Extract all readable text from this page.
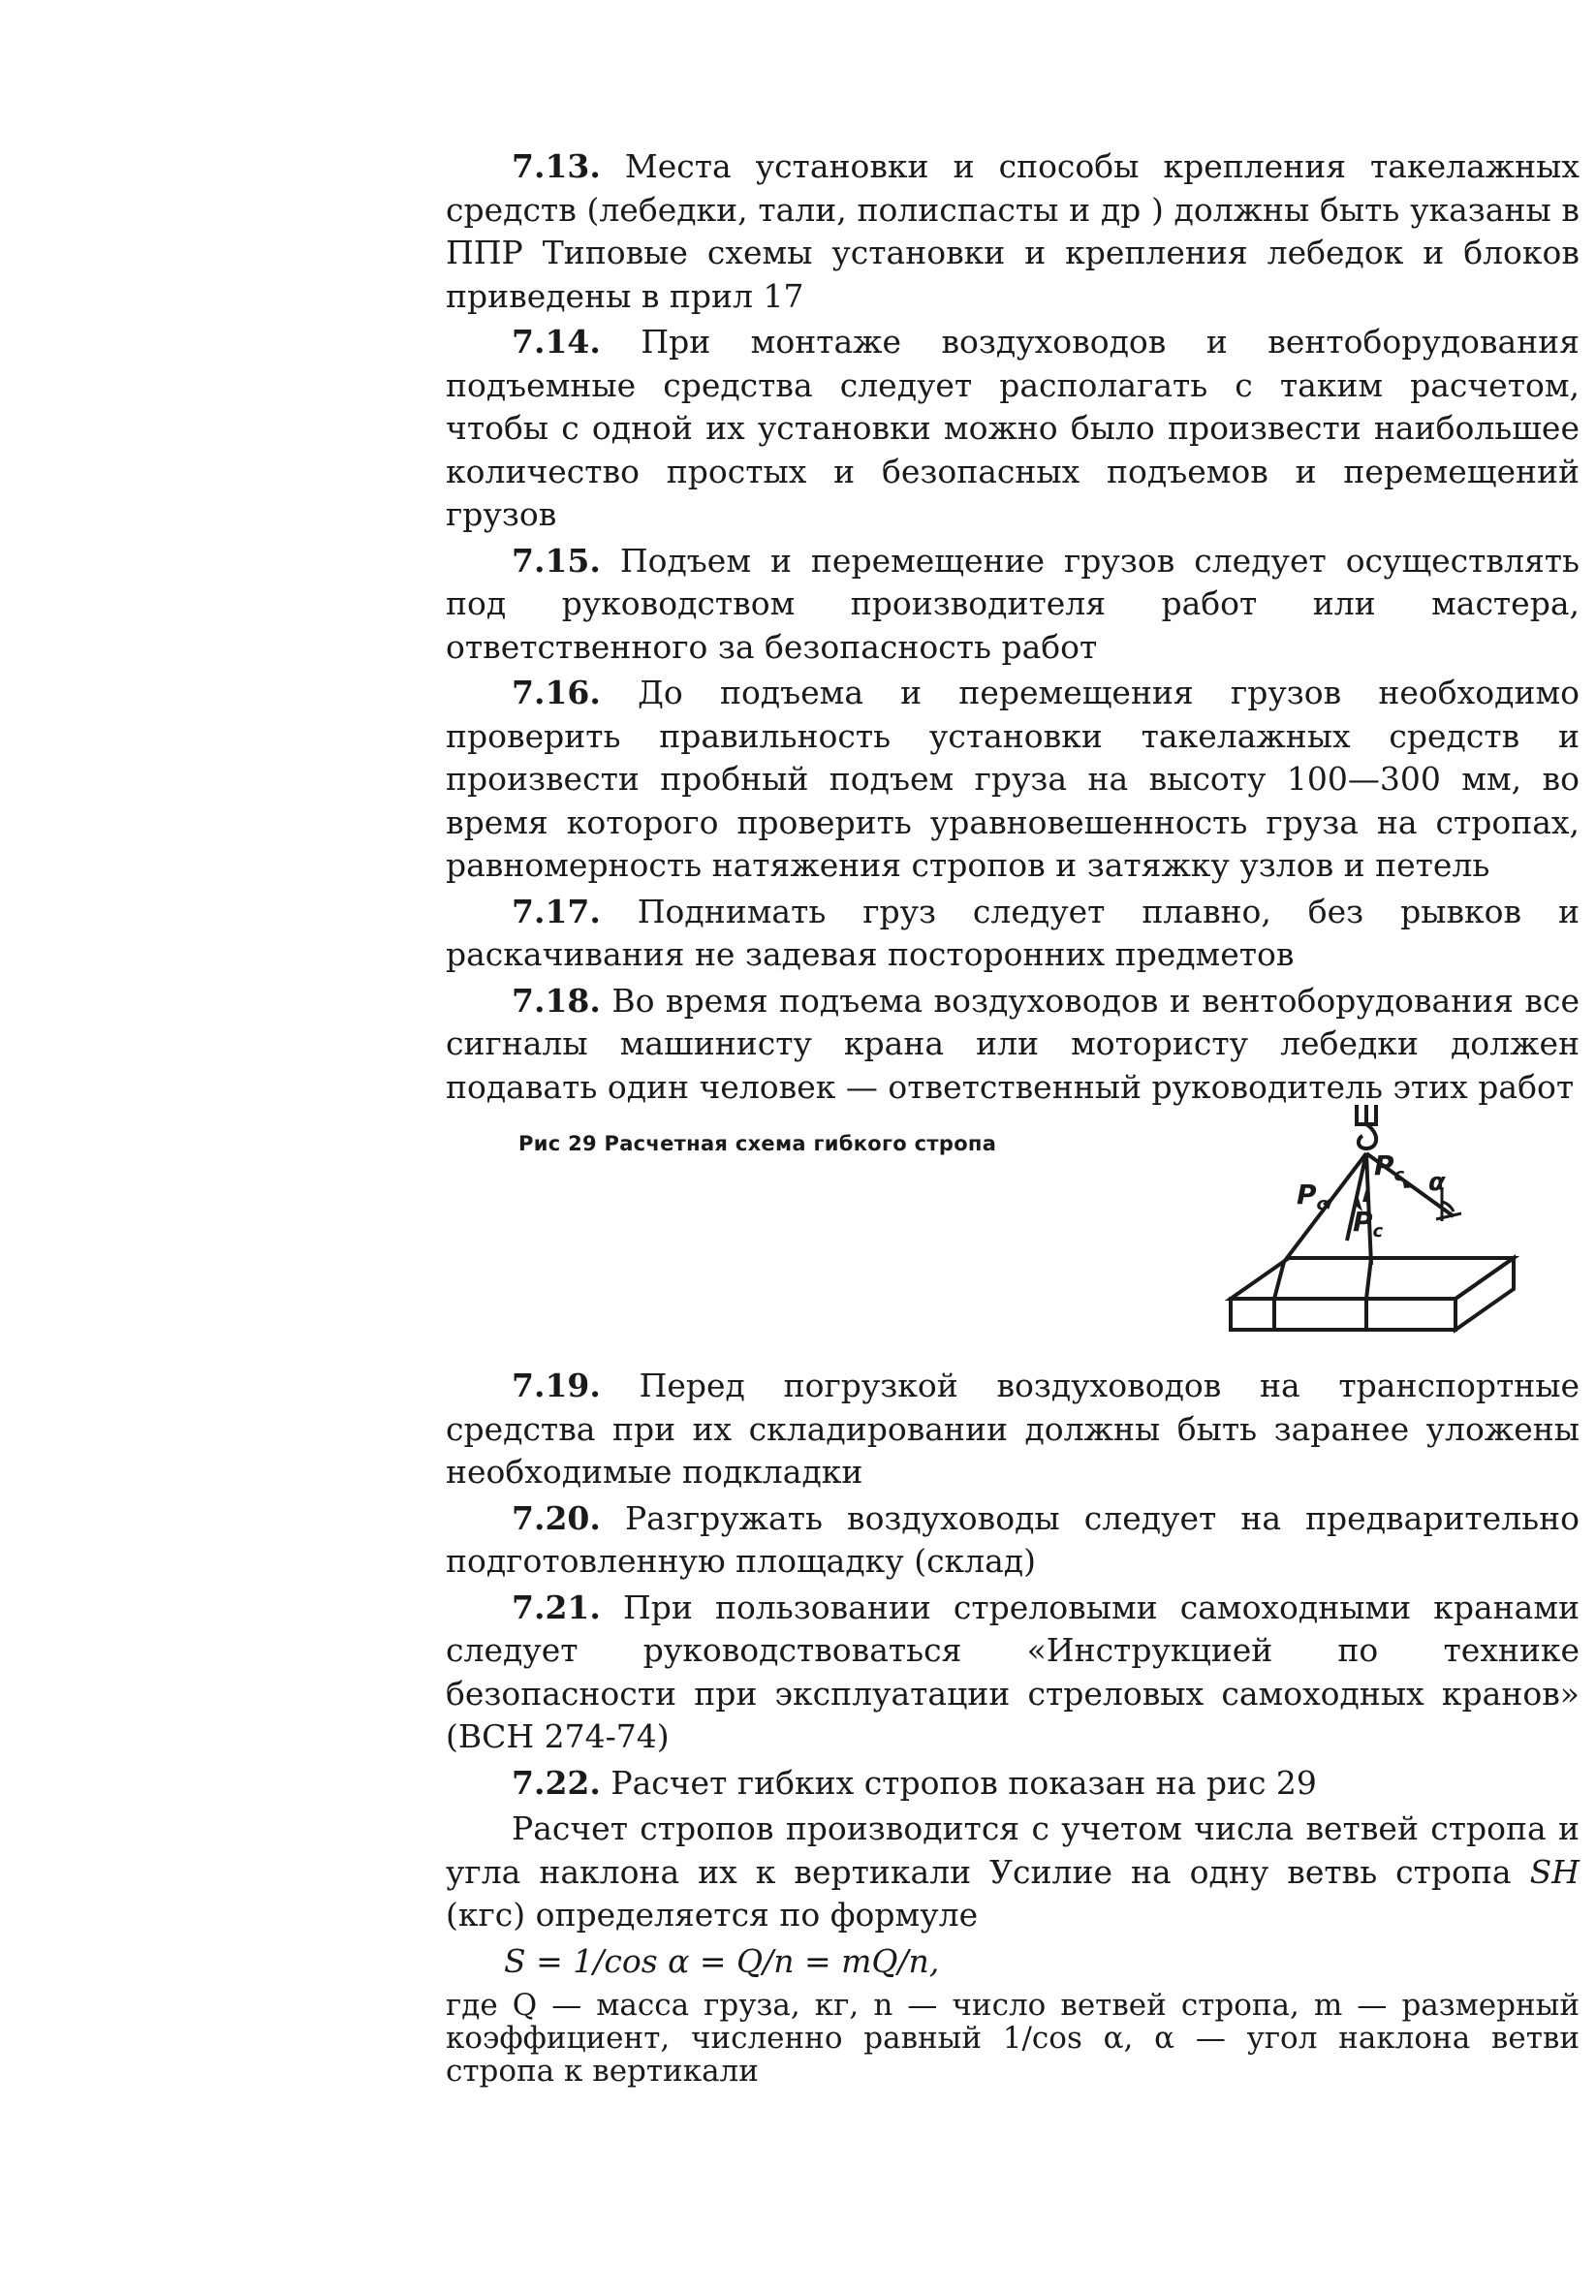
7.13. Места установки и способы крепления такелажных средств (лебедки, тали, полиспасты и др ) должны быть указаны в ППР Типовые схемы установки и крепления лебедок и блоков приведены в прил 17

7.14. При монтаже воздуховодов и вентоборудования подъемные средства следует располагать с таким расчетом, чтобы с одной их установки можно было произвести наибольшее количество простых и безопасных подъемов и перемещений грузов

7.15. Подъем и перемещение грузов следует осуществлять под руководством производителя работ или мастера, ответственного за безопасность работ

7.16. До подъема и перемещения грузов необходимо проверить правильность установки такелажных средств и произвести пробный подъем груза на высоту 100—300 мм, во время которого проверить уравновешенность груза на стропах, равномерность натяжения стропов и затяжку узлов и петель

7.17. Поднимать груз следует плавно, без рывков и раскачивания не задевая посторонних предметов

7.18. Во время подъема воздуховодов и вентоборудования все сигналы машинисту крана или мотористу лебедки должен подавать один человек — ответственный руководитель этих работ

Рис 29 Расчетная схема гибкого стропа
$P_c$
$P_c$
$P_c$
α

7.19. Перед погрузкой воздуховодов на транспортные средства при их складировании должны быть заранее уложены необходимые подкладки

7.20. Разгружать воздуховоды следует на предварительно подготовленную площадку (склад)

7.21. При пользовании стреловыми самоходными кранами следует руководствоваться «Инструкцией по технике безопасности при эксплуатации стреловых самоходных кранов» (ВСН 274-74)

7.22. Расчет гибких стропов показан на рис 29

Расчет стропов производится с учетом числа ветвей стропа и угла наклона их к вертикали Усилие на одну ветвь стропа SH (кгс) определяется по формуле

S = 1/cos α = Q/n = mQ/n,

где Q — масса груза, кг, n — число ветвей стропа, m — размерный коэффициент, численно равный 1/cos α, α — угол наклона ветви стропа к вертикали
